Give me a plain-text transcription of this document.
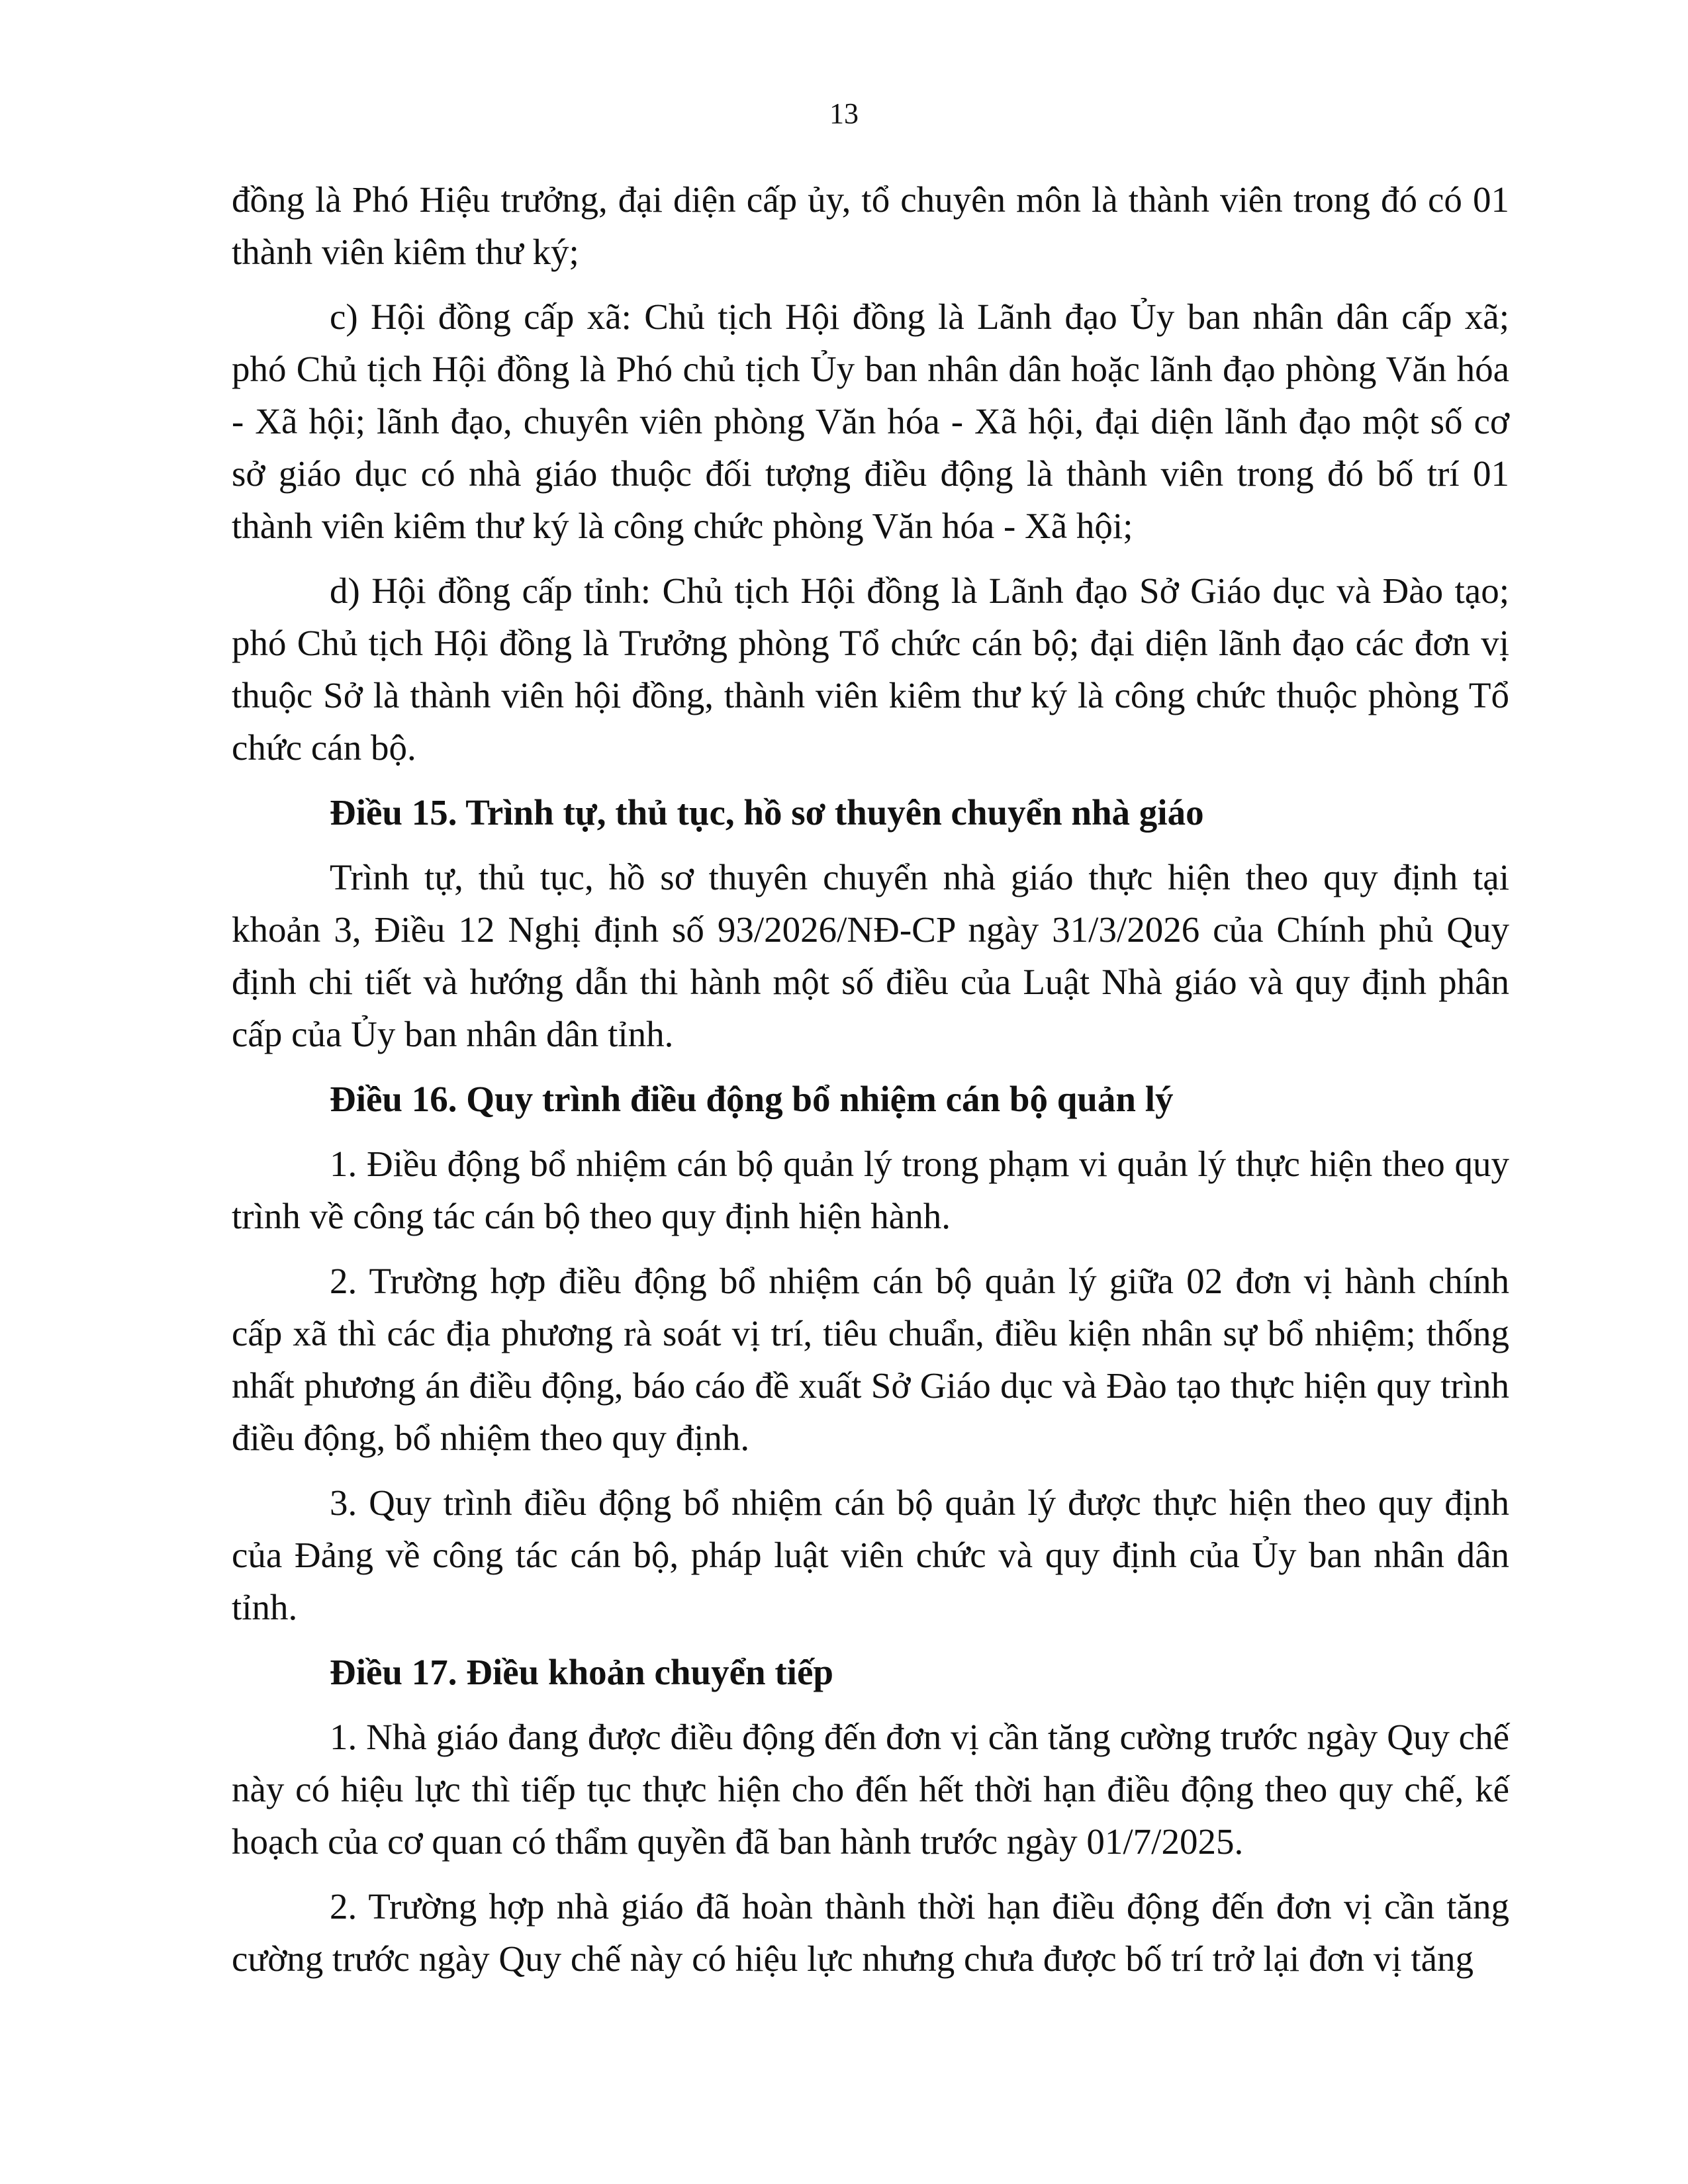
13

đồng là Phó Hiệu trưởng, đại diện cấp ủy, tổ chuyên môn là thành viên trong đó có 01 thành viên kiêm thư ký;

c) Hội đồng cấp xã: Chủ tịch Hội đồng là Lãnh đạo Ủy ban nhân dân cấp xã; phó Chủ tịch Hội đồng là Phó chủ tịch Ủy ban nhân dân hoặc lãnh đạo phòng Văn hóa - Xã hội; lãnh đạo, chuyên viên phòng Văn hóa - Xã hội, đại diện lãnh đạo một số cơ sở giáo dục có nhà giáo thuộc đối tượng điều động là thành viên trong đó bố trí 01 thành viên kiêm thư ký là công chức phòng Văn hóa - Xã hội;

d) Hội đồng cấp tỉnh: Chủ tịch Hội đồng là Lãnh đạo Sở Giáo dục và Đào tạo; phó Chủ tịch Hội đồng là Trưởng phòng Tổ chức cán bộ; đại diện lãnh đạo các đơn vị thuộc Sở là thành viên hội đồng, thành viên kiêm thư ký là công chức thuộc phòng Tổ chức cán bộ.

Điều 15. Trình tự, thủ tục, hồ sơ thuyên chuyển nhà giáo

Trình tự, thủ tục, hồ sơ thuyên chuyển nhà giáo thực hiện theo quy định tại khoản 3, Điều 12 Nghị định số 93/2026/NĐ-CP ngày 31/3/2026 của Chính phủ Quy định chi tiết và hướng dẫn thi hành một số điều của Luật Nhà giáo và quy định phân cấp của Ủy ban nhân dân tỉnh.

Điều 16. Quy trình điều động bổ nhiệm cán bộ quản lý

1. Điều động bổ nhiệm cán bộ quản lý trong phạm vi quản lý thực hiện theo quy trình về công tác cán bộ theo quy định hiện hành.

2. Trường hợp điều động bổ nhiệm cán bộ quản lý giữa 02 đơn vị hành chính cấp xã thì các địa phương rà soát vị trí, tiêu chuẩn, điều kiện nhân sự bổ nhiệm; thống nhất phương án điều động, báo cáo đề xuất Sở Giáo dục và Đào tạo thực hiện quy trình điều động, bổ nhiệm theo quy định.

3. Quy trình điều động bổ nhiệm cán bộ quản lý được thực hiện theo quy định của Đảng về công tác cán bộ, pháp luật viên chức và quy định của Ủy ban nhân dân tỉnh.

Điều 17. Điều khoản chuyển tiếp

1. Nhà giáo đang được điều động đến đơn vị cần tăng cường trước ngày Quy chế này có hiệu lực thì tiếp tục thực hiện cho đến hết thời hạn điều động theo quy chế, kế hoạch của cơ quan có thẩm quyền đã ban hành trước ngày 01/7/2025.

2. Trường hợp nhà giáo đã hoàn thành thời hạn điều động đến đơn vị cần tăng cường trước ngày Quy chế này có hiệu lực nhưng chưa được bố trí trở lại đơn vị tăng
